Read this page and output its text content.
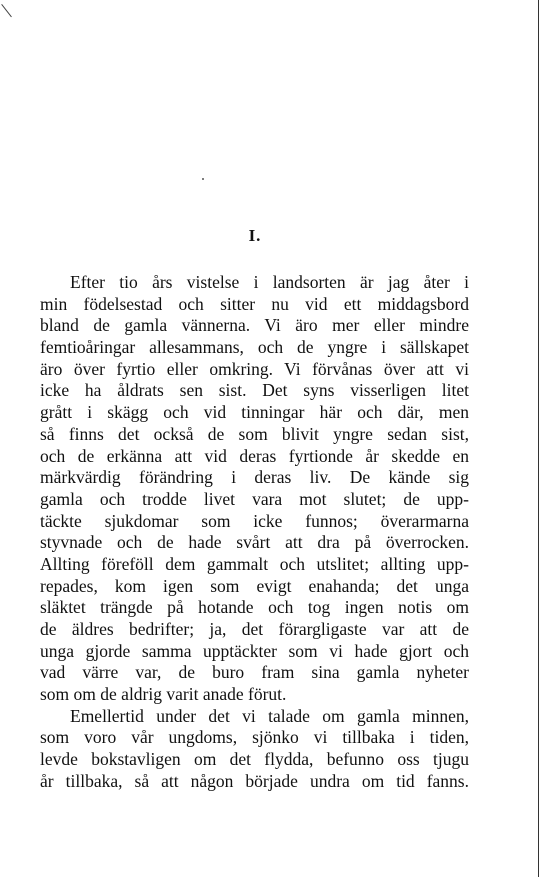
I.
Efter tio års vistelse i landsorten är jag åter i
min födelsestad och sitter nu vid ett middagsbord
bland de gamla vännerna. Vi äro mer eller mindre
femtioåringar allesammans, och de yngre i sällskapet
äro över fyrtio eller omkring. Vi förvånas över att vi
icke ha åldrats sen sist. Det syns visserligen litet
grått i skägg och vid tinningar här och där, men
så finns det också de som blivit yngre sedan sist,
och de erkänna att vid deras fyrtionde år skedde en
märkvärdig förändring i deras liv. De kände sig
gamla och trodde livet vara mot slutet; de upp-
täckte sjukdomar som icke funnos; överarmarna
styvnade och de hade svårt att dra på överrocken.
Allting föreföll dem gammalt och utslitet; allting upp-
repades, kom igen som evigt enahanda; det unga
släktet trängde på hotande och tog ingen notis om
de äldres bedrifter; ja, det förargligaste var att de
unga gjorde samma upptäckter som vi hade gjort och
vad värre var, de buro fram sina gamla nyheter
som om de aldrig varit anade förut.
Emellertid under det vi talade om gamla minnen,
som voro vår ungdoms, sjönko vi tillbaka i tiden,
levde bokstavligen om det flydda, befunno oss tjugu
år tillbaka, så att någon började undra om tid fanns.
